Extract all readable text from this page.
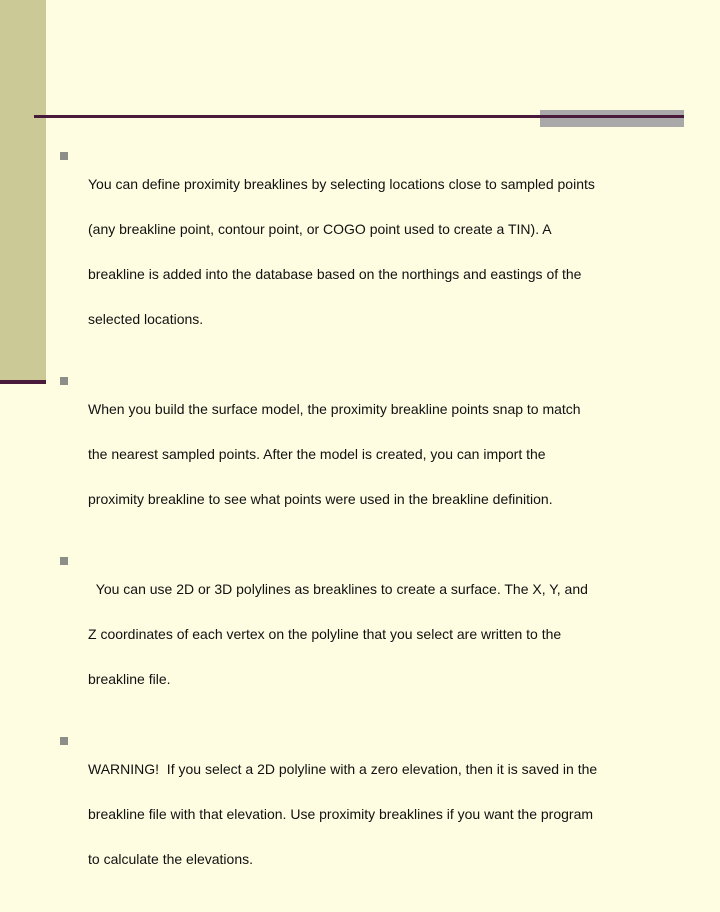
You can define proximity breaklines by selecting locations close to sampled points

(any breakline point, contour point, or COGO point used to create a TIN). A

breakline is added into the database based on the northings and eastings of the

selected locations.

When you build the surface model, the proximity breakline points snap to match

the nearest sampled points. After the model is created, you can import the

proximity breakline to see what points were used in the breakline definition.

You can use 2D or 3D polylines as breaklines to create a surface. The X, Y, and

Z coordinates of each vertex on the polyline that you select are written to the

breakline file.

WARNING!  If you select a 2D polyline with a zero elevation, then it is saved in the

breakline file with that elevation. Use proximity breaklines if you want the program

to calculate the elevations.
